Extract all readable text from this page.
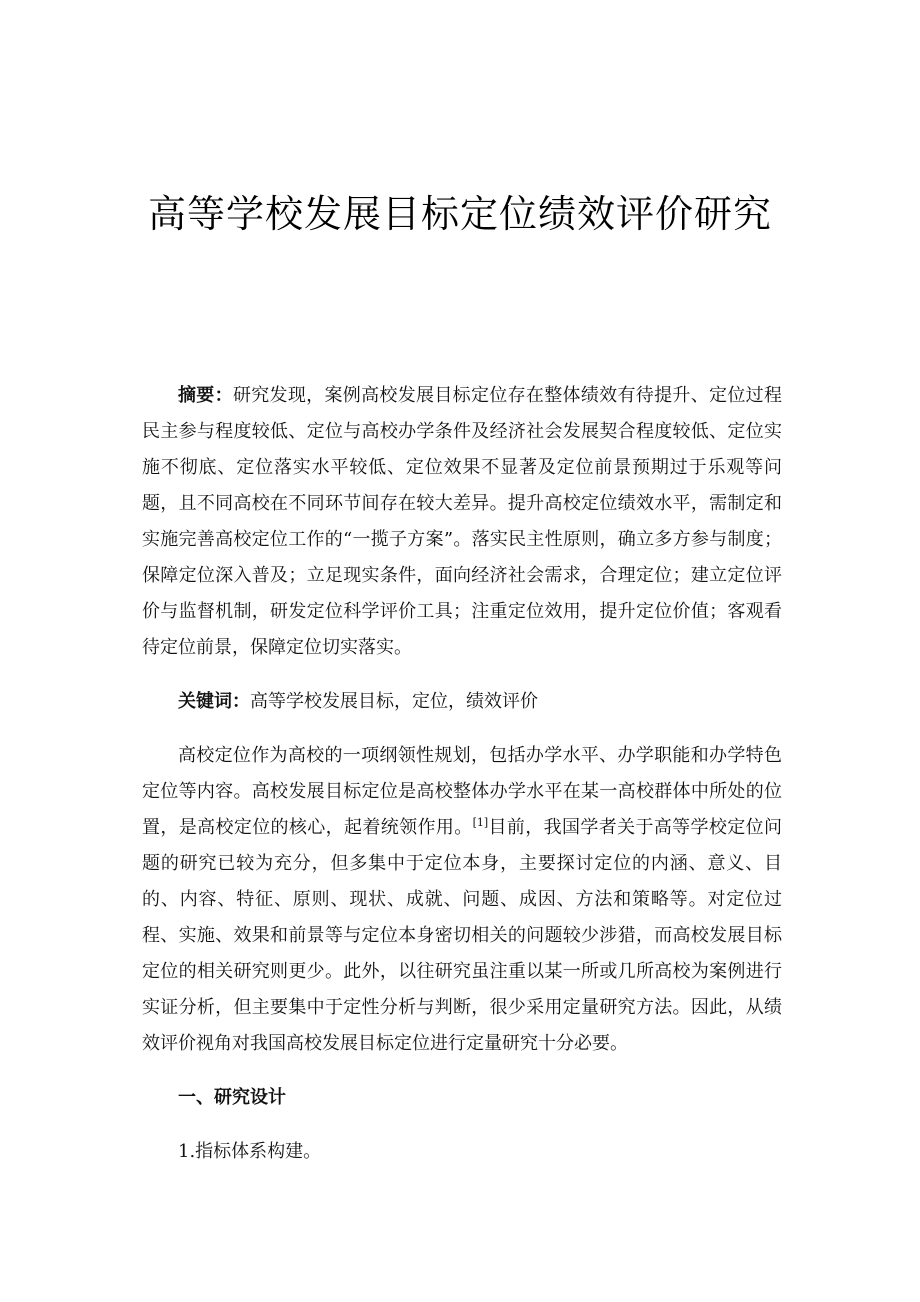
高等学校发展目标定位绩效评价研究

摘要：研究发现，案例高校发展目标定位存在整体绩效有待提升、定位过程民主参与程度较低、定位与高校办学条件及经济社会发展契合程度较低、定位实施不彻底、定位落实水平较低、定位效果不显著及定位前景预期过于乐观等问题，且不同高校在不同环节间存在较大差异。提升高校定位绩效水平，需制定和实施完善高校定位工作的“一揽子方案”。落实民主性原则，确立多方参与制度；保障定位深入普及；立足现实条件，面向经济社会需求，合理定位；建立定位评价与监督机制，研发定位科学评价工具；注重定位效用，提升定位价值；客观看待定位前景，保障定位切实落实。

关键词：高等学校发展目标，定位，绩效评价

高校定位作为高校的一项纲领性规划，包括办学水平、办学职能和办学特色定位等内容。高校发展目标定位是高校整体办学水平在某一高校群体中所处的位置，是高校定位的核心，起着统领作用。[1]目前，我国学者关于高等学校定位问题的研究已较为充分，但多集中于定位本身，主要探讨定位的内涵、意义、目的、内容、特征、原则、现状、成就、问题、成因、方法和策略等。对定位过程、实施、效果和前景等与定位本身密切相关的问题较少涉猎，而高校发展目标定位的相关研究则更少。此外，以往研究虽注重以某一所或几所高校为案例进行实证分析，但主要集中于定性分析与判断，很少采用定量研究方法。因此，从绩效评价视角对我国高校发展目标定位进行定量研究十分必要。

一、研究设计

1.指标体系构建。
